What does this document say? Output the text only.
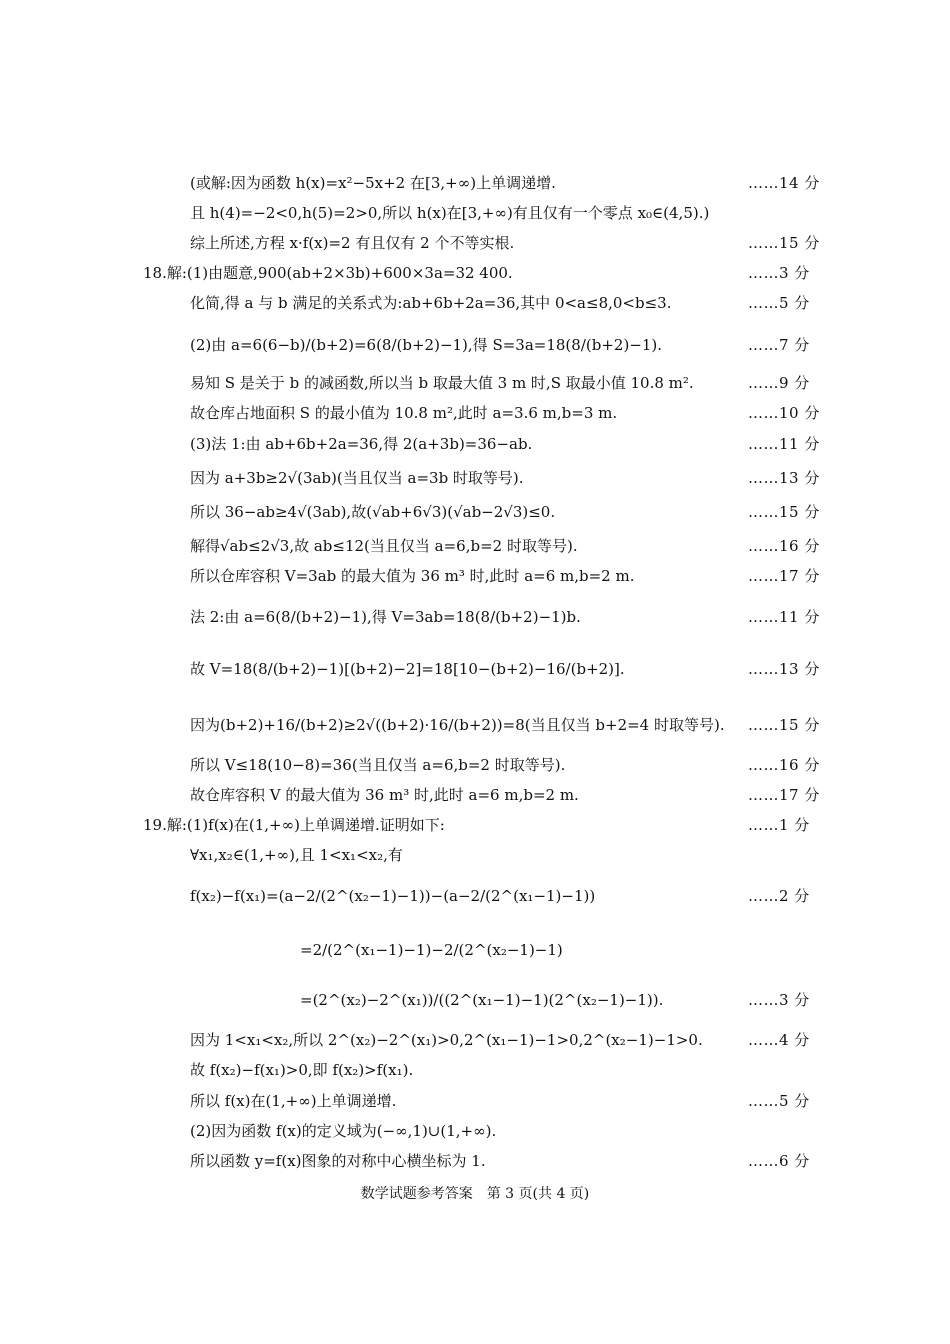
(或解:因为函数 h(x)=x²−5x+2 在[3,+∞)上单调递增.	……14 分
且 h(4)=−2<0,h(5)=2>0,所以 h(x)在[3,+∞)有且仅有一个零点 x₀∈(4,5).)
综上所述,方程 x·f(x)=2 有且仅有 2 个不等实根.	……15 分
18.解:(1)由题意,900(ab+2×3b)+600×3a=32 400.	……3 分
化简,得 a 与 b 满足的关系式为:ab+6b+2a=36,其中 0<a≤8,0<b≤3.	……5 分
(2)由 a=6(6−b)/(b+2)=6(8/(b+2)−1),得 S=3a=18(8/(b+2)−1).	……7 分
易知 S 是关于 b 的减函数,所以当 b 取最大值 3 m 时,S 取最小值 10.8 m².	……9 分
故仓库占地面积 S 的最小值为 10.8 m²,此时 a=3.6 m,b=3 m.	……10 分
(3)法 1:由 ab+6b+2a=36,得 2(a+3b)=36−ab.	……11 分
因为 a+3b≥2√(3ab)(当且仅当 a=3b 时取等号).	……13 分
所以 36−ab≥4√(3ab),故(√ab+6√3)(√ab−2√3)≤0.	……15 分
解得√ab≤2√3,故 ab≤12(当且仅当 a=6,b=2 时取等号).	……16 分
所以仓库容积 V=3ab 的最大值为 36 m³ 时,此时 a=6 m,b=2 m.	……17 分
法 2:由 a=6(8/(b+2)−1),得 V=3ab=18(8/(b+2)−1)b.	……11 分
故 V=18(8/(b+2)−1)[(b+2)−2]=18[10−(b+2)−16/(b+2)].	……13 分
因为(b+2)+16/(b+2)≥2√((b+2)·16/(b+2))=8(当且仅当 b+2=4 时取等号). ……15 分
所以 V≤18(10−8)=36(当且仅当 a=6,b=2 时取等号).	……16 分
故仓库容积 V 的最大值为 36 m³ 时,此时 a=6 m,b=2 m.	……17 分
19.解:(1)f(x)在(1,+∞)上单调递增.证明如下:	……1 分
∀x₁,x₂∈(1,+∞),且 1<x₁<x₂,有
f(x₂)−f(x₁)=(a−2/(2^(x₂−1)−1))−(a−2/(2^(x₁−1)−1))	……2 分
=2/(2^(x₁−1)−1)−2/(2^(x₂−1)−1)
=(2^(x₂)−2^(x₁))/((2^(x₁−1)−1)(2^(x₂−1)−1)).	……3 分
因为 1<x₁<x₂,所以 2^(x₂)−2^(x₁)>0,2^(x₁−1)−1>0,2^(x₂−1)−1>0.	……4 分
故 f(x₂)−f(x₁)>0,即 f(x₂)>f(x₁).
所以 f(x)在(1,+∞)上单调递增.	……5 分
(2)因为函数 f(x)的定义域为(−∞,1)∪(1,+∞).
所以函数 y=f(x)图象的对称中心横坐标为 1.	……6 分
数学试题参考答案　第 3 页(共 4 页)
